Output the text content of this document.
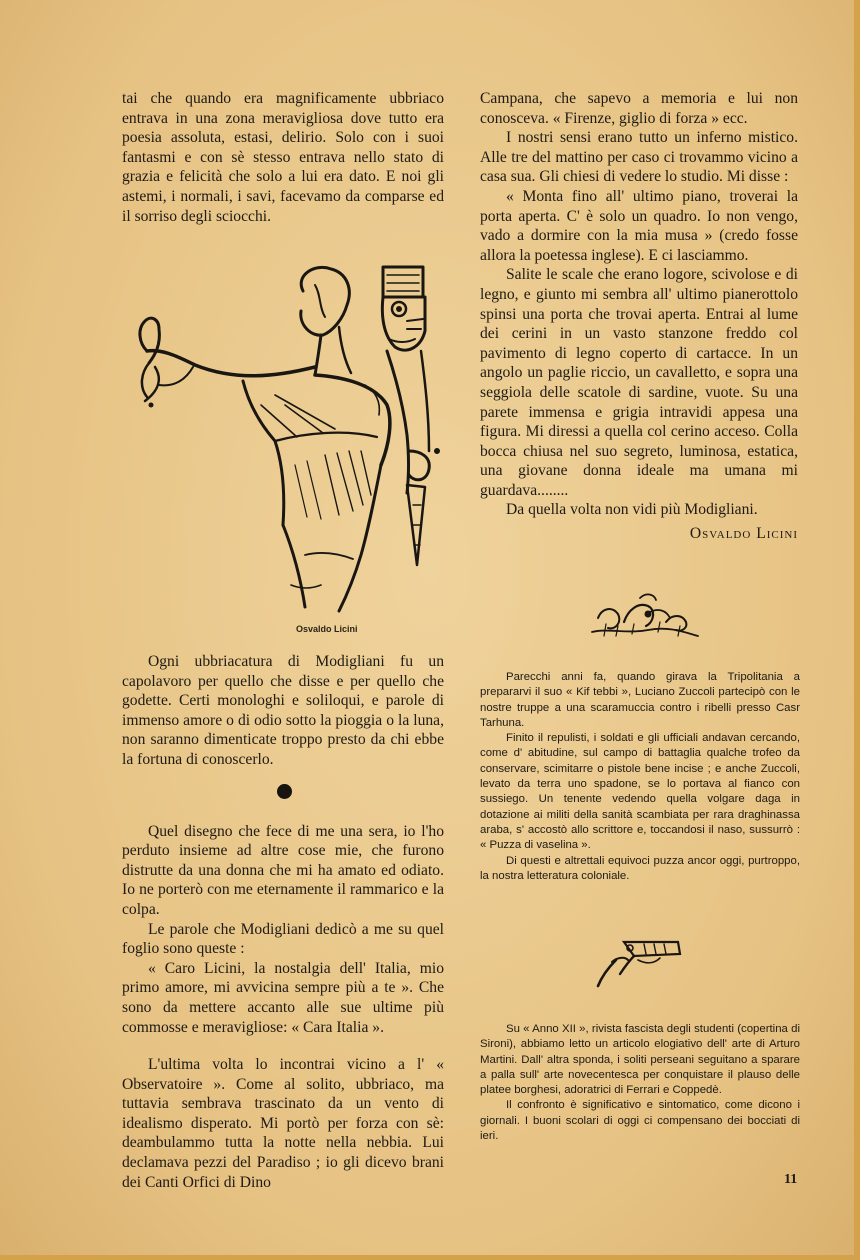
tai che quando era magnificamente ubbriaco entrava in una zona meravigliosa dove tutto era poesia assoluta, estasi, delirio. Solo con i suoi fantasmi e con sè stesso entrava nello stato di grazia e felicità che solo a lui era dato. E noi gli astemi, i normali, i savi, facevamo da comparse ed il sorriso degli sciocchi.

Osvaldo Licini

Ogni ubbriacatura di Modigliani fu un capolavoro per quello che disse e per quello che godette. Certi monologhi e soliloqui, e parole di immenso amore o di odio sotto la pioggia o la luna, non saranno dimenticate troppo presto da chi ebbe la fortuna di conoscerlo.

Quel disegno che fece di me una sera, io l'ho perduto insieme ad altre cose mie, che furono distrutte da una donna che mi ha amato ed odiato. Io ne porterò con me eternamente il rammarico e la colpa.

Le parole che Modigliani dedicò a me su quel foglio sono queste :

« Caro Licini, la nostalgia dell' Italia, mio primo amore, mi avvicina sempre più a te ». Che sono da mettere accanto alle sue ultime più commosse e meravigliose: « Cara Italia ».

L'ultima volta lo incontrai vicino a l' « Observatoire ». Come al solito, ubbriaco, ma tuttavia sembrava trascinato da un vento di idealismo disperato. Mi portò per forza con sè: deambulammo tutta la notte nella nebbia. Lui declamava pezzi del Paradiso ; io gli dicevo brani dei Canti Orfici di Dino

Campana, che sapevo a memoria e lui non conosceva. « Firenze, giglio di forza » ecc.

I nostri sensi erano tutto un inferno mistico. Alle tre del mattino per caso ci trovammo vicino a casa sua. Gli chiesi di vedere lo studio. Mi disse :

« Monta fino all' ultimo piano, troverai la porta aperta. C' è solo un quadro. Io non vengo, vado a dormire con la mia musa » (credo fosse allora la poetessa inglese). E ci lasciammo.

Salite le scale che erano logore, scivolose e di legno, e giunto mi sembra all' ultimo pianerottolo spinsi una porta che trovai aperta. Entrai al lume dei cerini in un vasto stanzone freddo col pavimento di legno coperto di cartacce. In un angolo un paglie riccio, un cavalletto, e sopra una seggiola delle scatole di sardine, vuote. Su una parete immensa e grigia intravidi appesa una figura. Mi diressi a quella col cerino acceso. Colla bocca chiusa nel suo segreto, luminosa, estatica, una giovane donna ideale ma umana mi guardava........

Da quella volta non vidi più Modigliani.

Osvaldo Licini

Parecchi anni fa, quando girava la Tripolitania a prepararvi il suo « Kif tebbi », Luciano Zuccoli partecipò con le nostre truppe a una scaramuccia contro i ribelli presso Casr Tarhuna.

Finito il repulisti, i soldati e gli ufficiali andavan cercando, come d' abitudine, sul campo di battaglia qualche trofeo da conservare, scimitarre o pistole bene incise ; e anche Zuccoli, levato da terra uno spadone, se lo portava al fianco con sussiego. Un tenente vedendo quella volgare daga in dotazione ai militi della sanità scambiata per rara draghinassa araba, s' accostò allo scrittore e, toccandosi il naso, sussurrò : « Puzza di vaselina ».

Di questi e altrettali equivoci puzza ancor oggi, purtroppo, la nostra letteratura coloniale.

Su « Anno XII », rivista fascista degli studenti (copertina di Sironi), abbiamo letto un articolo elogiativo dell' arte di Arturo Martini. Dall' altra sponda, i soliti perseani seguitano a sparare a palla sull' arte novecentesca per conquistare il plauso delle platee borghesi, adoratrici di Ferrari e Coppedè.

Il confronto è significativo e sintomatico, come dicono i giornali. I buoni scolari di oggi ci compensano dei bocciati di ieri.

11
